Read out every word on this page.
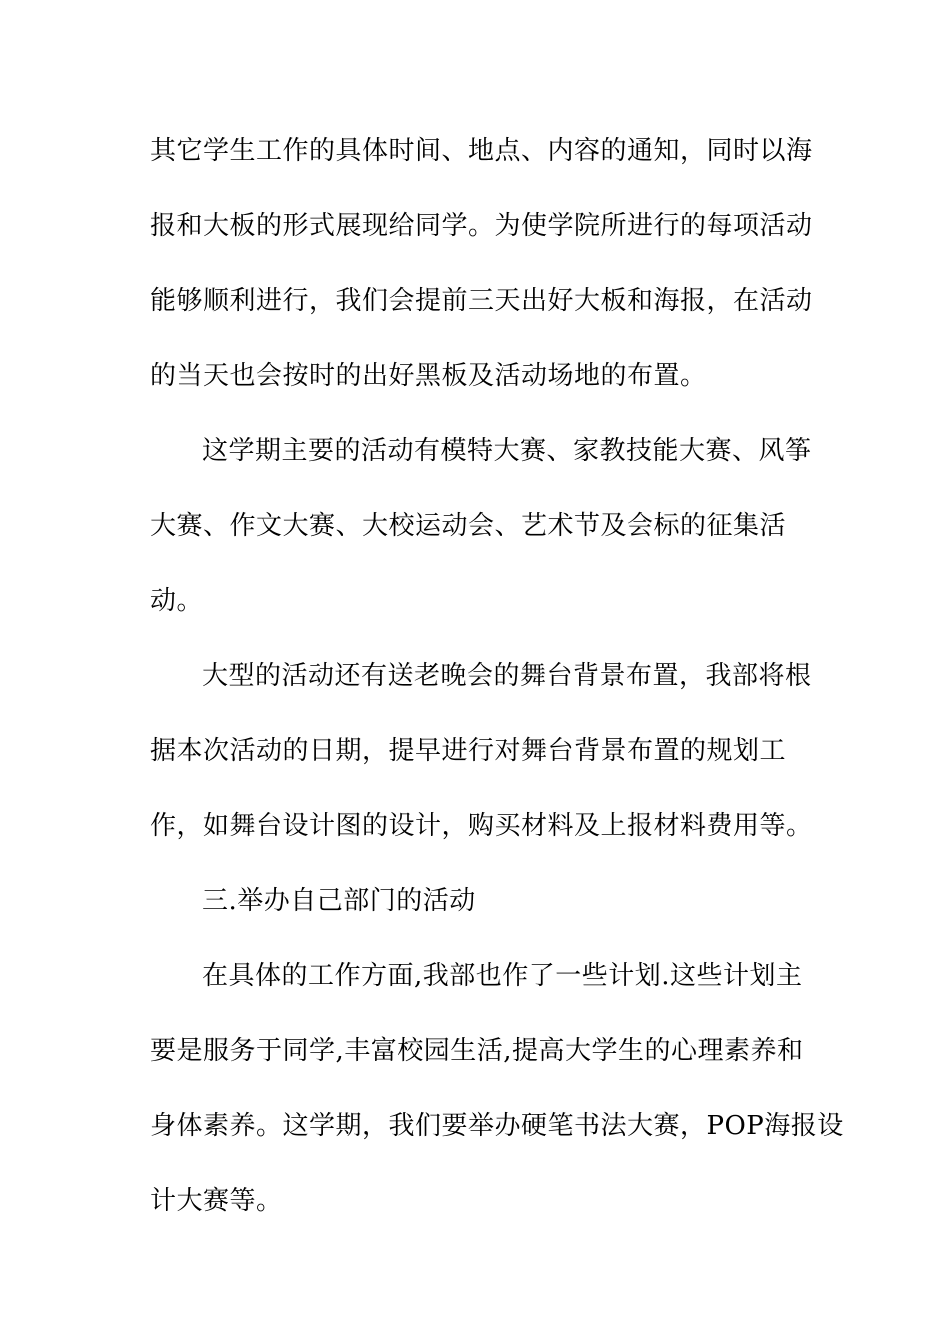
其它学生工作的具体时间、地点、内容的通知，同时以海
报和大板的形式展现给同学。为使学院所进行的每项活动
能够顺利进行，我们会提前三天出好大板和海报，在活动
的当天也会按时的出好黑板及活动场地的布置。
这学期主要的活动有模特大赛、家教技能大赛、风筝
大赛、作文大赛、大校运动会、艺术节及会标的征集活
动。
大型的活动还有送老晚会的舞台背景布置，我部将根
据本次活动的日期，提早进行对舞台背景布置的规划工
作，如舞台设计图的设计，购买材料及上报材料费用等。
三.举办自己部门的活动
在具体的工作方面,我部也作了一些计划.这些计划主
要是服务于同学,丰富校园生活,提高大学生的心理素养和
身体素养。这学期，我们要举办硬笔书法大赛，POP海报设
计大赛等。
